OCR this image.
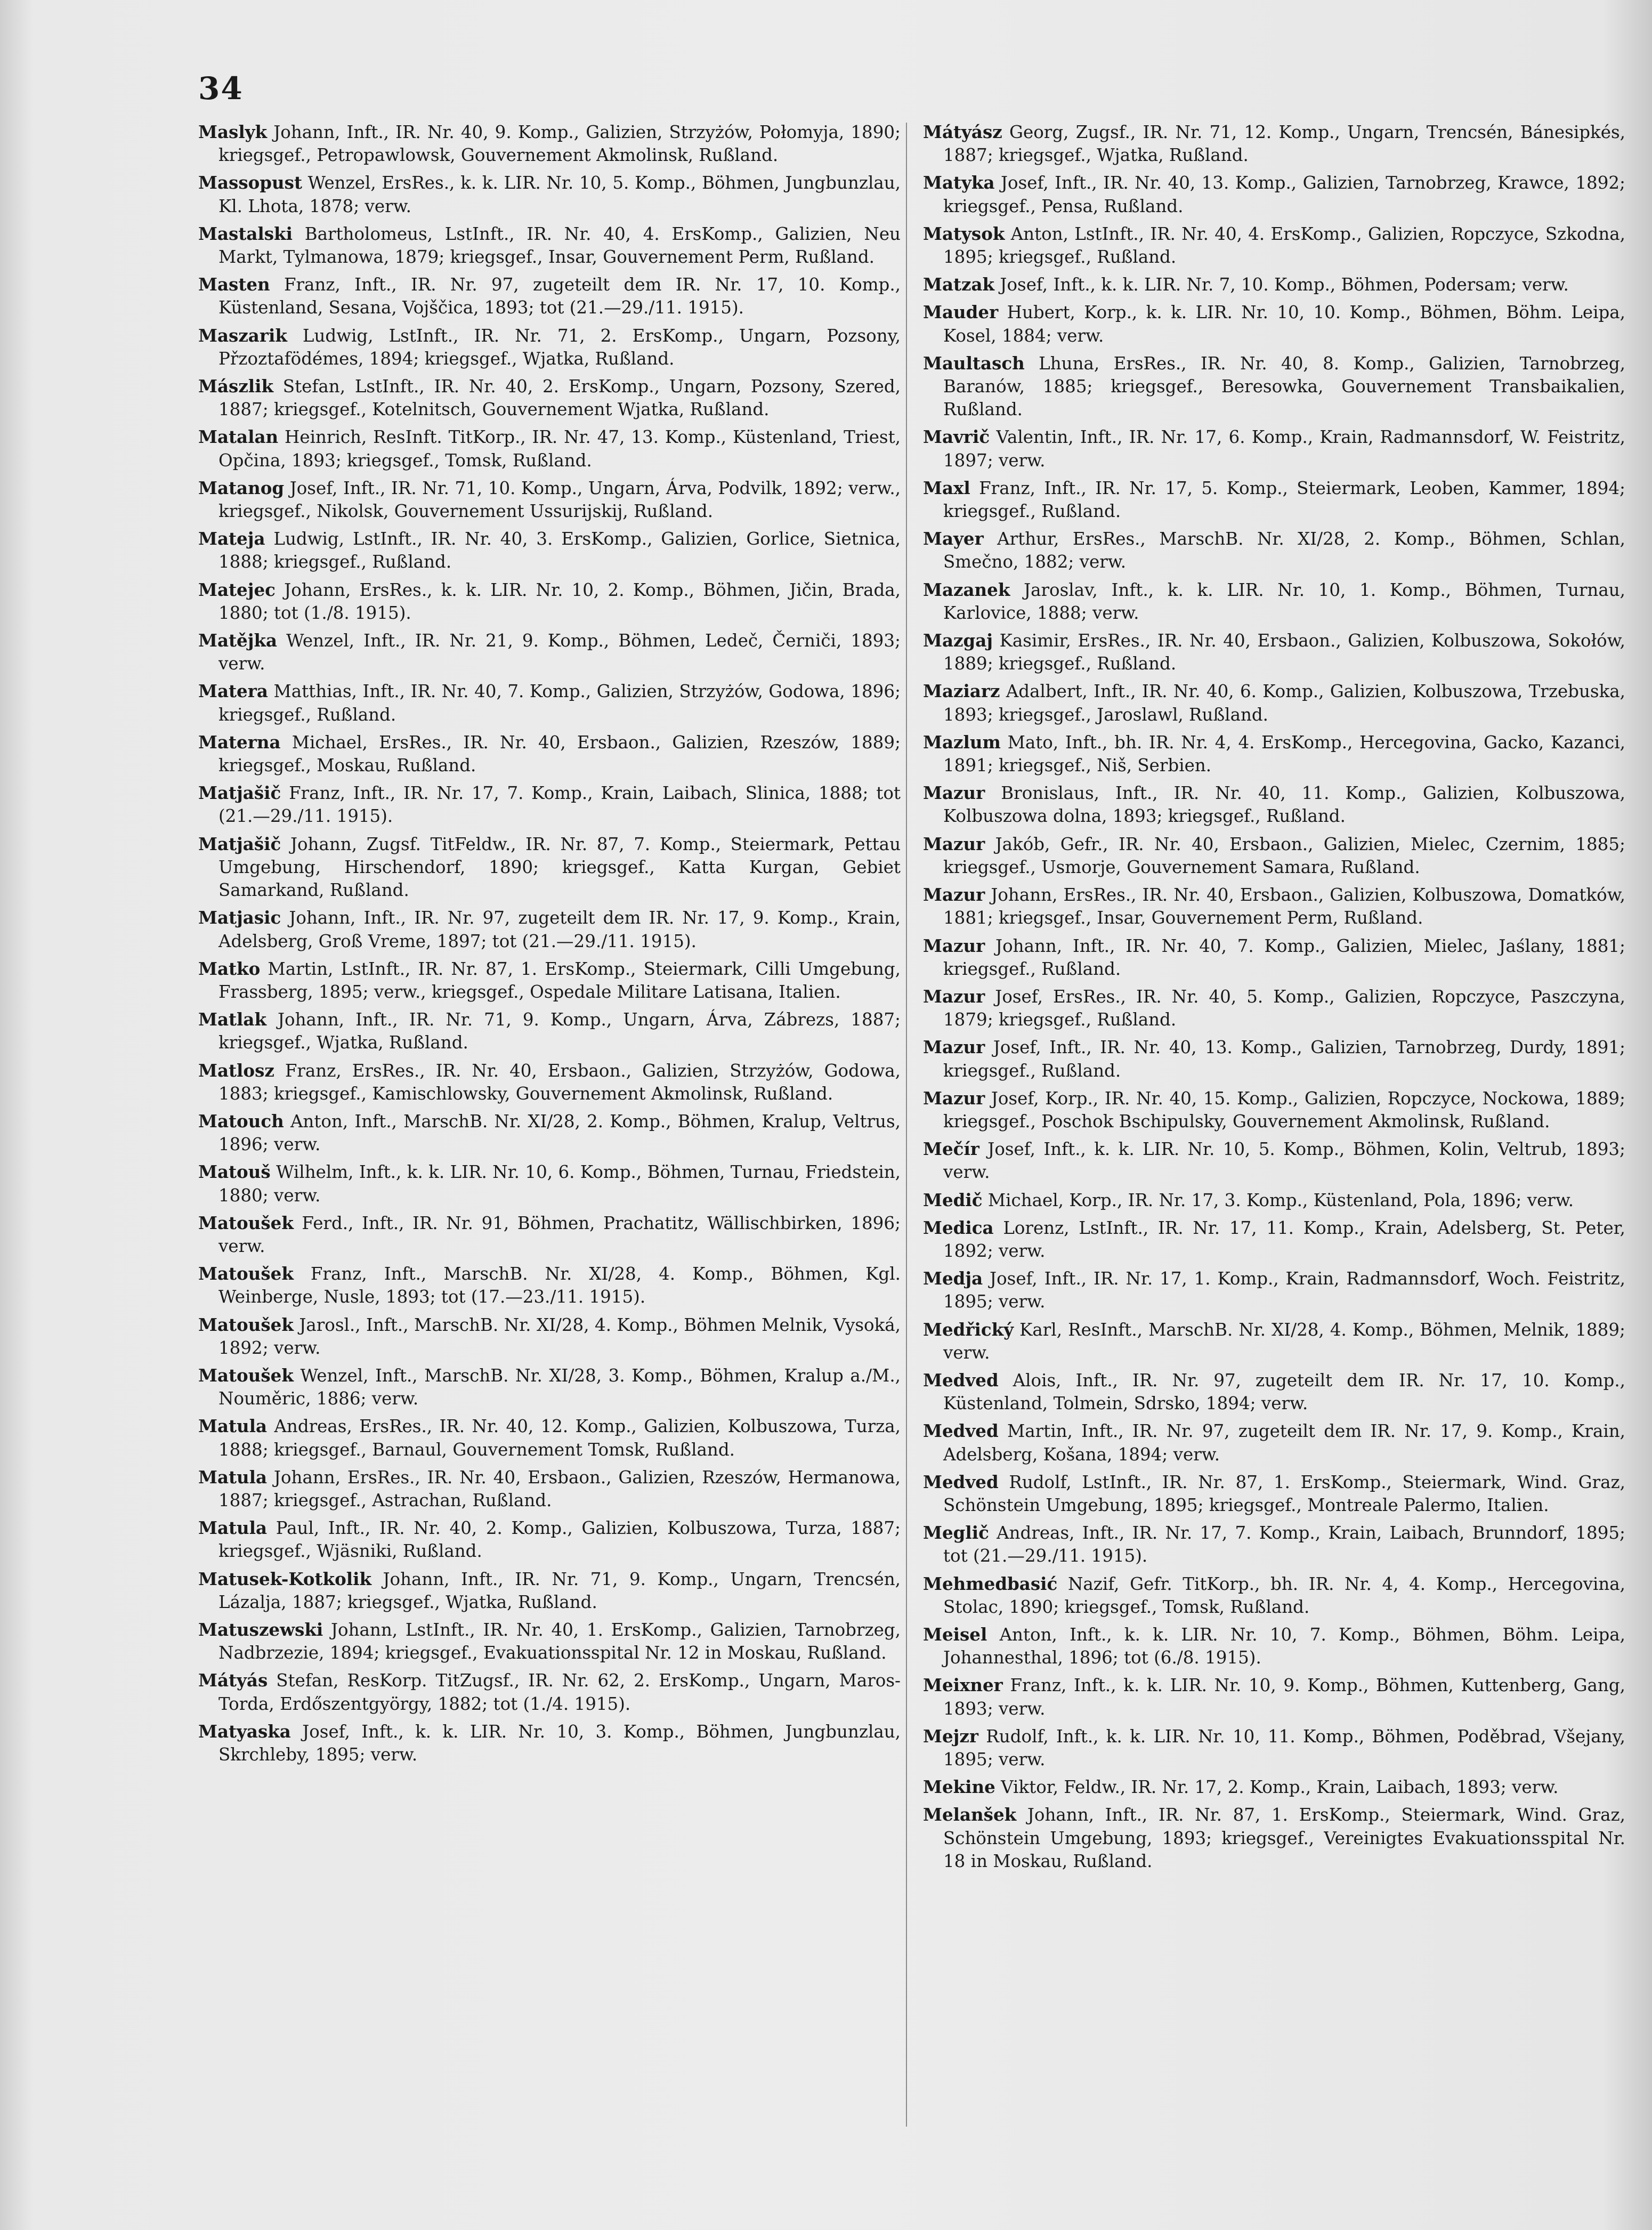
34

Maslyk Johann, Inft., IR. Nr. 40, 9. Komp., Galizien, Strzyżów, Połomyja, 1890; kriegsgef., Petropawlowsk, Gouvernement Akmolinsk, Rußland.

Massopust Wenzel, ErsRes., k. k. LIR. Nr. 10, 5. Komp., Böhmen, Jungbunzlau, Kl. Lhota, 1878; verw.

Mastalski Bartholomeus, LstInft., IR. Nr. 40, 4. ErsKomp., Galizien, Neu Markt, Tylmanowa, 1879; kriegsgef., Insar, Gouvernement Perm, Rußland.

Masten Franz, Inft., IR. Nr. 97, zugeteilt dem IR. Nr. 17, 10. Komp., Küstenland, Sesana, Vojščica, 1893; tot (21.—29./11. 1915).

Maszarik Ludwig, LstInft., IR. Nr. 71, 2. ErsKomp., Ungarn, Pozsony, Přzoztafödémes, 1894; kriegsgef., Wjatka, Rußland.

Mászlik Stefan, LstInft., IR. Nr. 40, 2. ErsKomp., Ungarn, Pozsony, Szered, 1887; kriegsgef., Kotelnitsch, Gouvernement Wjatka, Rußland.

Matalan Heinrich, ResInft. TitKorp., IR. Nr. 47, 13. Komp., Küstenland, Triest, Opčina, 1893; kriegsgef., Tomsk, Rußland.

Matanog Josef, Inft., IR. Nr. 71, 10. Komp., Ungarn, Árva, Podvilk, 1892; verw., kriegsgef., Nikolsk, Gouvernement Ussurijskij, Rußland.

Mateja Ludwig, LstInft., IR. Nr. 40, 3. ErsKomp., Galizien, Gorlice, Sietnica, 1888; kriegsgef., Rußland.

Matejec Johann, ErsRes., k. k. LIR. Nr. 10, 2. Komp., Böhmen, Jičin, Brada, 1880; tot (1./8. 1915).

Matějka Wenzel, Inft., IR. Nr. 21, 9. Komp., Böhmen, Ledeč, Černiči, 1893; verw.

Matera Matthias, Inft., IR. Nr. 40, 7. Komp., Galizien, Strzyżów, Godowa, 1896; kriegsgef., Rußland.

Materna Michael, ErsRes., IR. Nr. 40, Ersbaon., Galizien, Rzeszów, 1889; kriegsgef., Moskau, Rußland.

Matjašič Franz, Inft., IR. Nr. 17, 7. Komp., Krain, Laibach, Slinica, 1888; tot (21.—29./11. 1915).

Matjašič Johann, Zugsf. TitFeldw., IR. Nr. 87, 7. Komp., Steiermark, Pettau Umgebung, Hirschendorf, 1890; kriegsgef., Katta Kurgan, Gebiet Samarkand, Rußland.

Matjasic Johann, Inft., IR. Nr. 97, zugeteilt dem IR. Nr. 17, 9. Komp., Krain, Adelsberg, Groß Vreme, 1897; tot (21.—29./11. 1915).

Matko Martin, LstInft., IR. Nr. 87, 1. ErsKomp., Steiermark, Cilli Umgebung, Frassberg, 1895; verw., kriegsgef., Ospedale Militare Latisana, Italien.

Matlak Johann, Inft., IR. Nr. 71, 9. Komp., Ungarn, Árva, Zábrezs, 1887; kriegsgef., Wjatka, Rußland.

Matlosz Franz, ErsRes., IR. Nr. 40, Ersbaon., Galizien, Strzyżów, Godowa, 1883; kriegsgef., Kamischlowsky, Gouvernement Akmolinsk, Rußland.

Matouch Anton, Inft., MarschB. Nr. XI/28, 2. Komp., Böhmen, Kralup, Veltrus, 1896; verw.

Matouš Wilhelm, Inft., k. k. LIR. Nr. 10, 6. Komp., Böhmen, Turnau, Friedstein, 1880; verw.

Matoušek Ferd., Inft., IR. Nr. 91, Böhmen, Prachatitz, Wällischbirken, 1896; verw.

Matoušek Franz, Inft., MarschB. Nr. XI/28, 4. Komp., Böhmen, Kgl. Weinberge, Nusle, 1893; tot (17.—23./11. 1915).

Matoušek Jarosl., Inft., MarschB. Nr. XI/28, 4. Komp., Böhmen Melnik, Vysoká, 1892; verw.

Matoušek Wenzel, Inft., MarschB. Nr. XI/28, 3. Komp., Böhmen, Kralup a./M., Nouměric, 1886; verw.

Matula Andreas, ErsRes., IR. Nr. 40, 12. Komp., Galizien, Kolbuszowa, Turza, 1888; kriegsgef., Barnaul, Gouvernement Tomsk, Rußland.

Matula Johann, ErsRes., IR. Nr. 40, Ersbaon., Galizien, Rzeszów, Hermanowa, 1887; kriegsgef., Astrachan, Rußland.

Matula Paul, Inft., IR. Nr. 40, 2. Komp., Galizien, Kolbuszowa, Turza, 1887; kriegsgef., Wjäsniki, Rußland.

Matusek-Kotkolik Johann, Inft., IR. Nr. 71, 9. Komp., Ungarn, Trencsén, Lázalja, 1887; kriegsgef., Wjatka, Rußland.

Matuszewski Johann, LstInft., IR. Nr. 40, 1. ErsKomp., Galizien, Tarnobrzeg, Nadbrzezie, 1894; kriegsgef., Evakuationsspital Nr. 12 in Moskau, Rußland.

Mátyás Stefan, ResKorp. TitZugsf., IR. Nr. 62, 2. ErsKomp., Ungarn, Maros-Torda, Erdőszentgyörgy, 1882; tot (1./4. 1915).

Matyaska Josef, Inft., k. k. LIR. Nr. 10, 3. Komp., Böhmen, Jungbunzlau, Skrchleby, 1895; verw.

Mátyász Georg, Zugsf., IR. Nr. 71, 12. Komp., Ungarn, Trencsén, Bánesipkés, 1887; kriegsgef., Wjatka, Rußland.

Matyka Josef, Inft., IR. Nr. 40, 13. Komp., Galizien, Tarnobrzeg, Krawce, 1892; kriegsgef., Pensa, Rußland.

Matysok Anton, LstInft., IR. Nr. 40, 4. ErsKomp., Galizien, Ropczyce, Szkodna, 1895; kriegsgef., Rußland.

Matzak Josef, Inft., k. k. LIR. Nr. 7, 10. Komp., Böhmen, Podersam; verw.

Mauder Hubert, Korp., k. k. LIR. Nr. 10, 10. Komp., Böhmen, Böhm. Leipa, Kosel, 1884; verw.

Maultasch Lhuna, ErsRes., IR. Nr. 40, 8. Komp., Galizien, Tarnobrzeg, Baranów, 1885; kriegsgef., Beresowka, Gouvernement Transbaikalien, Rußland.

Mavrič Valentin, Inft., IR. Nr. 17, 6. Komp., Krain, Radmannsdorf, W. Feistritz, 1897; verw.

Maxl Franz, Inft., IR. Nr. 17, 5. Komp., Steiermark, Leoben, Kammer, 1894; kriegsgef., Rußland.

Mayer Arthur, ErsRes., MarschB. Nr. XI/28, 2. Komp., Böhmen, Schlan, Smečno, 1882; verw.

Mazanek Jaroslav, Inft., k. k. LIR. Nr. 10, 1. Komp., Böhmen, Turnau, Karlovice, 1888; verw.

Mazgaj Kasimir, ErsRes., IR. Nr. 40, Ersbaon., Galizien, Kolbuszowa, Sokołów, 1889; kriegsgef., Rußland.

Maziarz Adalbert, Inft., IR. Nr. 40, 6. Komp., Galizien, Kolbuszowa, Trzebuska, 1893; kriegsgef., Jaroslawl, Rußland.

Mazlum Mato, Inft., bh. IR. Nr. 4, 4. ErsKomp., Hercegovina, Gacko, Kazanci, 1891; kriegsgef., Niš, Serbien.

Mazur Bronislaus, Inft., IR. Nr. 40, 11. Komp., Galizien, Kolbuszowa, Kolbuszowa dolna, 1893; kriegsgef., Rußland.

Mazur Jakób, Gefr., IR. Nr. 40, Ersbaon., Galizien, Mielec, Czernim, 1885; kriegsgef., Usmorje, Gouvernement Samara, Rußland.

Mazur Johann, ErsRes., IR. Nr. 40, Ersbaon., Galizien, Kolbuszowa, Domatków, 1881; kriegsgef., Insar, Gouvernement Perm, Rußland.

Mazur Johann, Inft., IR. Nr. 40, 7. Komp., Galizien, Mielec, Jaślany, 1881; kriegsgef., Rußland.

Mazur Josef, ErsRes., IR. Nr. 40, 5. Komp., Galizien, Ropczyce, Paszczyna, 1879; kriegsgef., Rußland.

Mazur Josef, Inft., IR. Nr. 40, 13. Komp., Galizien, Tarnobrzeg, Durdy, 1891; kriegsgef., Rußland.

Mazur Josef, Korp., IR. Nr. 40, 15. Komp., Galizien, Ropczyce, Nockowa, 1889; kriegsgef., Poschok Bschipulsky, Gouvernement Akmolinsk, Rußland.

Mečír Josef, Inft., k. k. LIR. Nr. 10, 5. Komp., Böhmen, Kolin, Veltrub, 1893; verw.

Medič Michael, Korp., IR. Nr. 17, 3. Komp., Küstenland, Pola, 1896; verw.

Medica Lorenz, LstInft., IR. Nr. 17, 11. Komp., Krain, Adelsberg, St. Peter, 1892; verw.

Medja Josef, Inft., IR. Nr. 17, 1. Komp., Krain, Radmannsdorf, Woch. Feistritz, 1895; verw.

Medřický Karl, ResInft., MarschB. Nr. XI/28, 4. Komp., Böhmen, Melnik, 1889; verw.

Medved Alois, Inft., IR. Nr. 97, zugeteilt dem IR. Nr. 17, 10. Komp., Küstenland, Tolmein, Sdrsko, 1894; verw.

Medved Martin, Inft., IR. Nr. 97, zugeteilt dem IR. Nr. 17, 9. Komp., Krain, Adelsberg, Košana, 1894; verw.

Medved Rudolf, LstInft., IR. Nr. 87, 1. ErsKomp., Steiermark, Wind. Graz, Schönstein Umgebung, 1895; kriegsgef., Montreale Palermo, Italien.

Meglič Andreas, Inft., IR. Nr. 17, 7. Komp., Krain, Laibach, Brunndorf, 1895; tot (21.—29./11. 1915).

Mehmedbasić Nazif, Gefr. TitKorp., bh. IR. Nr. 4, 4. Komp., Hercegovina, Stolac, 1890; kriegsgef., Tomsk, Rußland.

Meisel Anton, Inft., k. k. LIR. Nr. 10, 7. Komp., Böhmen, Böhm. Leipa, Johannesthal, 1896; tot (6./8. 1915).

Meixner Franz, Inft., k. k. LIR. Nr. 10, 9. Komp., Böhmen, Kuttenberg, Gang, 1893; verw.

Mejzr Rudolf, Inft., k. k. LIR. Nr. 10, 11. Komp., Böhmen, Poděbrad, Všejany, 1895; verw.

Mekine Viktor, Feldw., IR. Nr. 17, 2. Komp., Krain, Laibach, 1893; verw.

Melanšek Johann, Inft., IR. Nr. 87, 1. ErsKomp., Steiermark, Wind. Graz, Schönstein Umgebung, 1893; kriegsgef., Vereinigtes Evakuationsspital Nr. 18 in Moskau, Rußland.
